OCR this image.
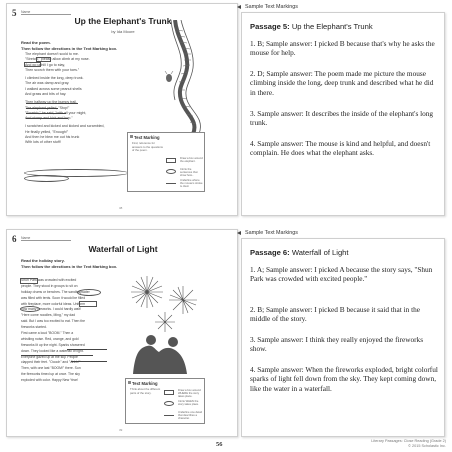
5 Name
Up the Elephant's Trunk
by Ida Moore
Read the poem.
Then follow the directions in the Text Marking box.
The elephant doesn't scold to me.
"Stretch," please allow climb at my nose.
And go uphill I go to stay,
Then scorch them with your toes."
I climbed inside the long, deep trunk.
The air was damp and gray.
I walked across some peanut shells
And grass and bits of hay.
Then halfway up the bumpy trail,
The elephant yelled, "Stop!"
"Scratch," he said, "with all your might,
And stomp and kick and hop."
I scratched and kicked and kicked and scrambled,
He finally yelled, "Enough!"
And then he blew me out his trunk
With lots of other stuff!
Text Marking
Find, reference for answers to the questions of the poem.
Draw a box around the elephant.
Circle the sentences that show how...
Underline where the mouse's stroke is cited.
38
6 Name
Waterfall of Light
Read the holiday story.
Then follow the directions in the Text Marking box.
Shun Park was crowded with excited
people. They stood in groups to sit on
holiday drums or benches. The sandbagwater
was filled with tents. Soon it would be filled
with fireplace, more colorful ideas. Uniform
how many fireworks. I could hardly wait!
"Here come noodles, Ming," my dad
said. But I was too excited to eat. Then the
fireworks started.
First came a loud "BOOM." Then a
whistling noise. Red, orange, and gold
fireworks lit up the night. Sparks showered
down. They looked like a waterfall of light.
Everyone gazed up at the sky. People
clapped their feet. "Ooooh" and "Ahhh!"
Then, with one last "BOOM!" there. Sun
the fireworks timed up at once. The sky
exploded with color. Happy New Year!
Text Marking
Think about the different parts of the story.
Draw a box around WHERE the story takes place.
Circle WHEN the story takes place.
Underline one detail that describes a character.
39
Sample Text Markings
Passage 5: Up the Elephant's Trunk
1. B; Sample answer: I picked B because that's why he asks the mouse for help.
2. D; Sample answer: The poem made me picture the mouse climbing inside the long, deep trunk and described what he did in there.
3. Sample answer: It describes the inside of the elephant's long trunk.
4. Sample answer: The mouse is kind and helpful, and doesn't complain. He does what the elephant asks.
Sample Text Markings
Passage 6: Waterfall of Light
1. A; Sample answer: I picked A because the story says, "Shun Park was crowded with excited people."
2. B; Sample answer: I picked B because it said that in the middle of the story.
3. Sample answer: I think they really enjoyed the fireworks show.
4. Sample answer: When the fireworks exploded, bright colorful sparks of light fell down from the sky. They kept coming down, like the water in a waterfall.
56	Literary Passages: Close Reading (Grade 2)
© 2015 Scholastic Inc.
